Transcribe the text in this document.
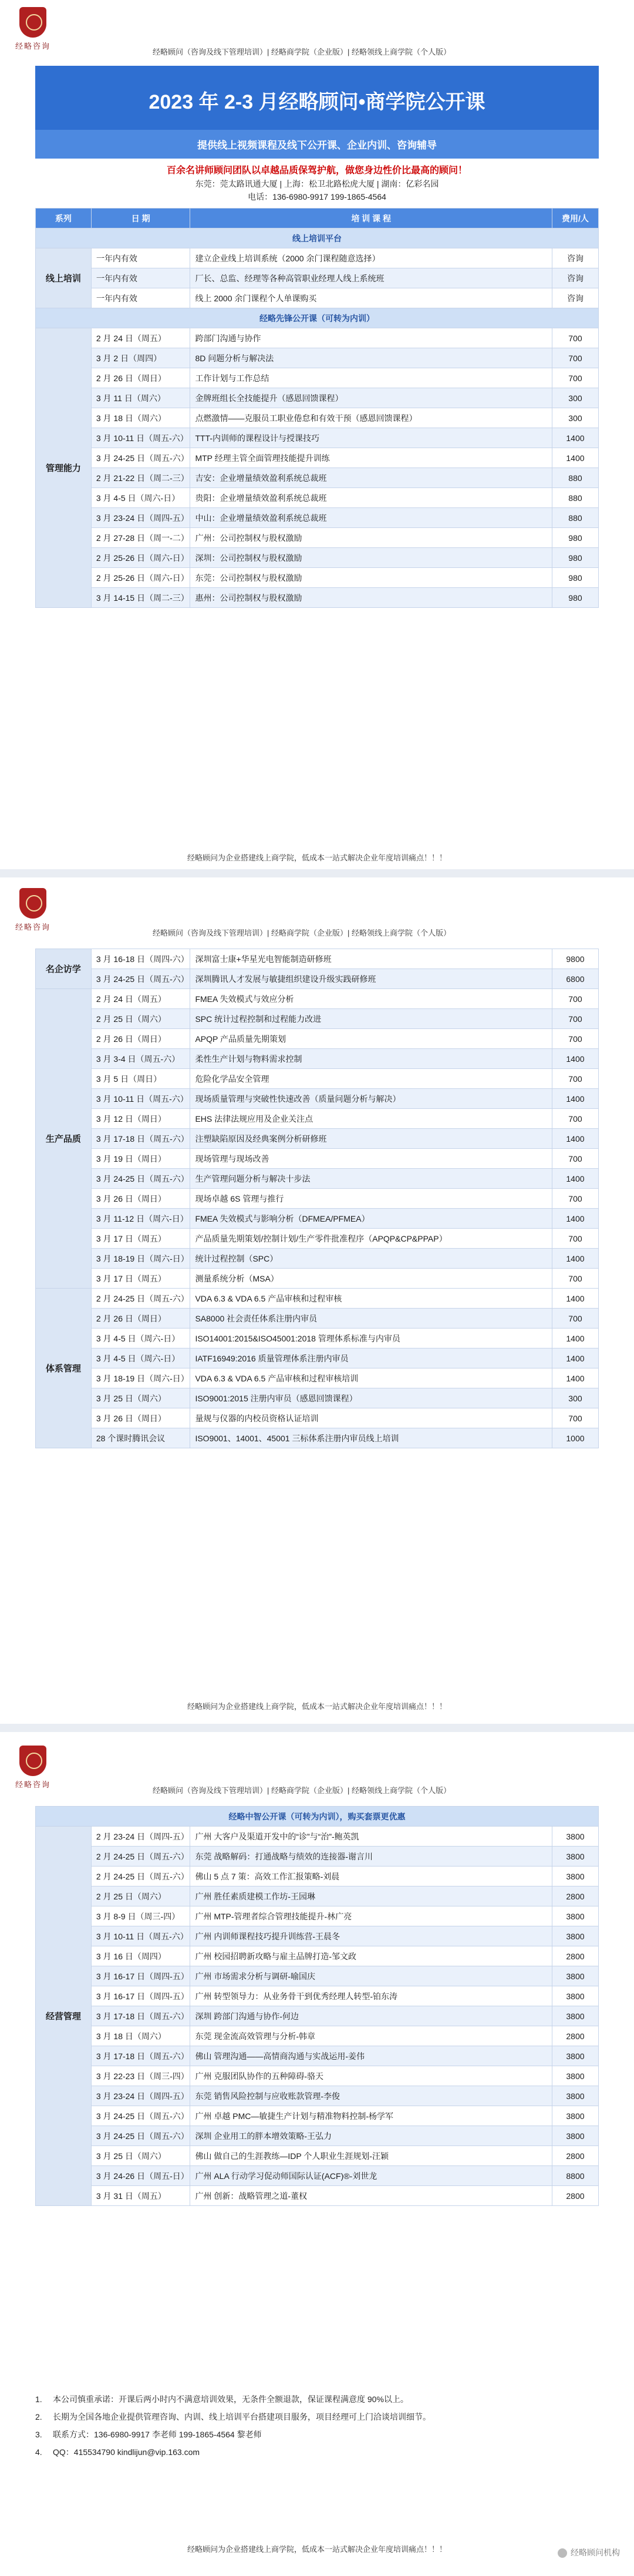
经略咨询
经略顾问（咨询及线下管理培训）| 经略商学院（企业版）| 经略领线上商学院（个人版）
2023 年 2-3 月经略顾问•商学院公开课
提供线上视频课程及线下公开课、企业内训、咨询辅导
百余名讲师顾问团队以卓越品质保驾护航，做您身边性价比最高的顾问！
东莞：莞太路讯通大厦 | 上海：松卫北路松虎大厦 | 湖南：亿彩名园
电话：136-6980-9917 199-1865-4564
系列	日 期	培 训 课 程	费用/人
线上培训平台			
线上培训	一年内有效	建立企业线上培训系统（2000 余门课程随意选择）	咨询
	一年内有效	厂长、总监、经理等各种高管职业经理人线上系统班	咨询
	一年内有效	线上 2000 余门课程个人单课购买	咨询
经略先锋公开课（可转为内训）			
管理能力	2 月 24 日（周五）	跨部门沟通与协作	700
	3 月 2 日（周四）	8D 问题分析与解决法	700
	2 月 26 日（周日）	工作计划与工作总结	700
	3 月 11 日（周六）	金牌班组长全技能提升（感恩回馈课程）	300
	3 月 18 日（周六）	点燃激情——克服员工职业倦怠和有效干预（感恩回馈课程）	300
	3 月 10-11 日（周五-六）	TTT-内训师的课程设计与授课技巧	1400
	3 月 24-25 日（周五-六）	MTP 经理主管全面管理技能提升训练	1400
	2 月 21-22 日（周二-三）	吉安：企业增量绩效盈利系统总裁班	880
	3 月 4-5 日（周六-日）	贵阳：企业增量绩效盈利系统总裁班	880
	3 月 23-24 日（周四-五）	中山：企业增量绩效盈利系统总裁班	880
	2 月 27-28 日（周一-二）	广州：公司控制权与股权激励	980
	2 月 25-26 日（周六-日）	深圳：公司控制权与股权激励	980
	2 月 25-26 日（周六-日）	东莞：公司控制权与股权激励	980
	3 月 14-15 日（周二-三）	惠州：公司控制权与股权激励	980
经略顾问为企业搭建线上商学院，低成本一站式解决企业年度培训痛点！！！
经略咨询
经略顾问（咨询及线下管理培训）| 经略商学院（企业版）| 经略领线上商学院（个人版）
名企访学	3 月 16-18 日（周四-六）	深圳富士康+华星光电智能制造研修班	9800
	3 月 24-25 日（周五-六）	深圳腾讯人才发展与敏捷组织建设升级实践研修班	6800
生产品质	2 月 24 日（周五）	FMEA 失效模式与效应分析	700
	2 月 25 日（周六）	SPC 统计过程控制和过程能力改进	700
	2 月 26 日（周日）	APQP 产品质量先期策划	700
	3 月 3-4 日（周五-六）	柔性生产计划与物料需求控制	1400
	3 月 5 日（周日）	危险化学品安全管理	700
	3 月 10-11 日（周五-六）	现场质量管理与突破性快速改善（质量问题分析与解决）	1400
	3 月 12 日（周日）	EHS 法律法规应用及企业关注点	700
	3 月 17-18 日（周五-六）	注塑缺陷原因及经典案例分析研修班	1400
	3 月 19 日（周日）	现场管理与现场改善	700
	3 月 24-25 日（周五-六）	生产管理问题分析与解决十步法	1400
	3 月 26 日（周日）	现场卓越 6S 管理与推行	700
	3 月 11-12 日（周六-日）	FMEA 失效模式与影响分析（DFMEA/PFMEA）	1400
	3 月 17 日（周五）	产品质量先期策划/控制计划/生产零件批准程序（APQP&CP&PPAP）	700
	3 月 18-19 日（周六-日）	统计过程控制（SPC）	1400
	3 月 17 日（周五）	测量系统分析（MSA）	700
体系管理	2 月 24-25 日（周五-六）	VDA 6.3 & VDA 6.5 产品审核和过程审核	1400
	2 月 26 日（周日）	SA8000 社会责任体系注册内审员	700
	3 月 4-5 日（周六-日）	ISO14001:2015&ISO45001:2018 管理体系标准与内审员	1400
	3 月 4-5 日（周六-日）	IATF16949:2016 质量管理体系注册内审员	1400
	3 月 18-19 日（周六-日）	VDA 6.3 & VDA 6.5 产品审核和过程审核培训	1400
	3 月 25 日（周六）	ISO9001:2015 注册内审员（感恩回馈课程）	300
	3 月 26 日（周日）	量规与仪器的内校员资格认证培训	700
	28 个课时腾讯会议	ISO9001、14001、45001 三标体系注册内审员线上培训	1000
经略顾问为企业搭建线上商学院，低成本一站式解决企业年度培训痛点！！！
经略咨询
经略顾问（咨询及线下管理培训）| 经略商学院（企业版）| 经略领线上商学院（个人版）
经略中智公开课（可转为内训），购买套票更优惠			
经营管理	2 月 23-24 日（周四-五）	广州 大客户及渠道开发中的“诊”与“治”-鲍英凯	3800
	2 月 24-25 日（周五-六）	东莞 战略解码：打通战略与绩效的连接器-谢言川	3800
	2 月 24-25 日（周五-六）	佛山 5 点 7 策：高效工作汇报策略-刘晨	3800
	2 月 25 日（周六）	广州 胜任素质建模工作坊-王园琳	2800
	3 月 8-9 日（周三-四）	广州 MTP-管理者综合管理技能提升-林广亮	3800
	3 月 10-11 日（周五-六）	广州 内训师课程技巧提升训练营-王晨冬	3800
	3 月 16 日（周四）	广州 校园招聘新攻略与雇主品牌打造-邹文政	2800
	3 月 16-17 日（周四-五）	广州 市场需求分析与调研-喻国庆	3800
	3 月 16-17 日（周四-五）	广州 转型领导力：从业务骨干到优秀经理人转型-铂东涛	3800
	3 月 17-18 日（周五-六）	深圳 跨部门沟通与协作-何边	3800
	3 月 18 日（周六）	东莞 现金流高效管理与分析-韩章	2800
	3 月 17-18 日（周五-六）	佛山 管理沟通——高情商沟通与实战运用-姜伟	3800
	3 月 22-23 日（周三-四）	广州 克服团队协作的五种障碍-骆天	3800
	3 月 23-24 日（周四-五）	东莞 销售风险控制与应收账款管理-李俊	3800
	3 月 24-25 日（周五-六）	广州 卓越 PMC—敏捷生产计划与精准物料控制-杨学军	3800
	3 月 24-25 日（周五-六）	深圳 企业用工的胖本增效策略-王弘力	3800
	3 月 25 日（周六）	佛山 做自己的生涯教练—IDP 个人职业生涯规划-汪颖	2800
	3 月 24-26 日（周五-日）	广州 ALA 行动学习促动师国际认证(ACF)®-刘世龙	8800
	3 月 31 日（周五）	广州 创新：战略管理之道-董权	2800
1. 本公司慎重承诺：开课后两小时内不满意培训效果，无条件全额退款，保证课程满意度 90%以上。
2. 长期为全国各地企业提供管理咨询、内训、线上培训平台搭建项目服务，项目经理可上门洽谈培训细节。
3. 联系方式：136-6980-9917 李老师 199-1865-4564 黎老师
4. QQ：415534790 kindlijun@vip.163.com
经略顾问为企业搭建线上商学院，低成本一站式解决企业年度培训痛点！！！	经略顾问机构
